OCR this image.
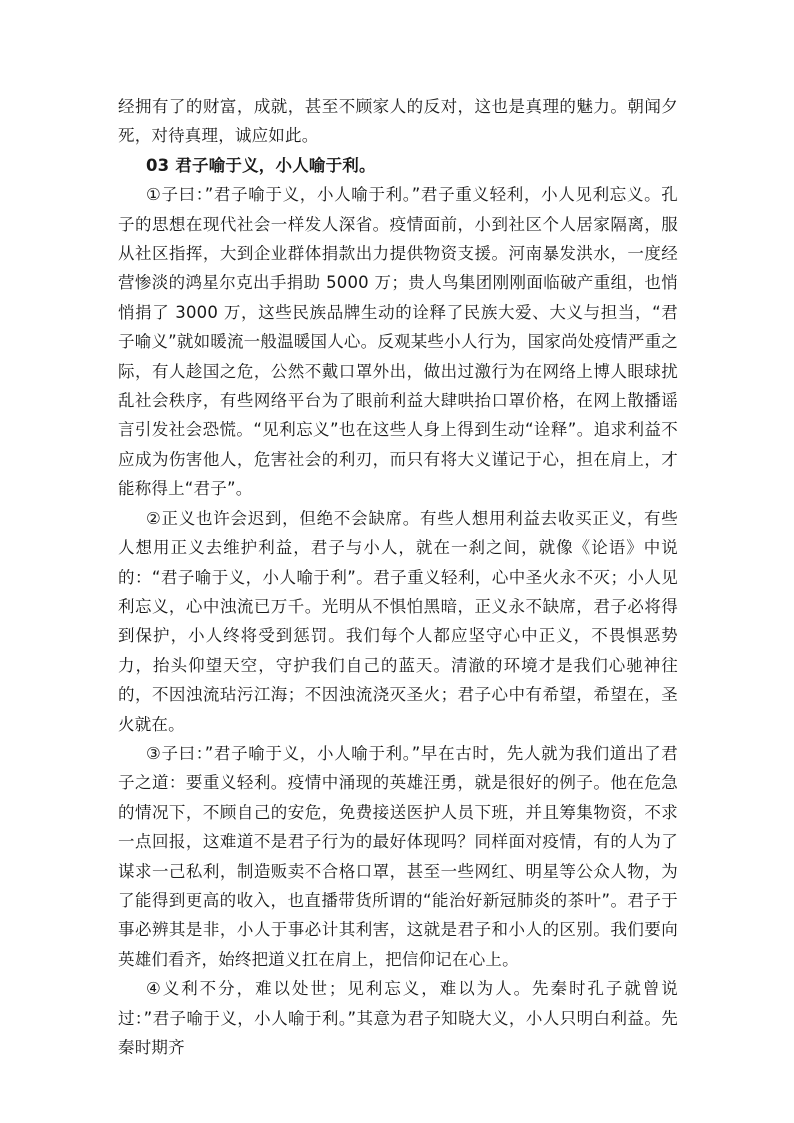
经拥有了的财富，成就，甚至不顾家人的反对，这也是真理的魅力。朝闻夕死，对待真理，诚应如此。

03 君子喻于义，小人喻于利。

①子曰：”君子喻于义，小人喻于利。”君子重义轻利，小人见利忘义。孔子的思想在现代社会一样发人深省。疫情面前，小到社区个人居家隔离，服从社区指挥，大到企业群体捐款出力提供物资支援。河南暴发洪水，一度经营惨淡的鸿星尔克出手捐助 5000 万；贵人鸟集团刚刚面临破产重组，也悄悄捐了 3000 万，这些民族品牌生动的诠释了民族大爱、大义与担当，“君子喻义”就如暖流一般温暖国人心。反观某些小人行为，国家尚处疫情严重之际，有人趁国之危，公然不戴口罩外出，做出过激行为在网络上博人眼球扰乱社会秩序，有些网络平台为了眼前利益大肆哄抬口罩价格，在网上散播谣言引发社会恐慌。“见利忘义”也在这些人身上得到生动“诠释”。追求利益不应成为伤害他人，危害社会的利刃，而只有将大义谨记于心，担在肩上，才能称得上“君子”。

②正义也许会迟到，但绝不会缺席。有些人想用利益去收买正义，有些人想用正义去维护利益，君子与小人，就在一刹之间，就像《论语》中说的：“君子喻于义，小人喻于利”。君子重义轻利，心中圣火永不灭；小人见利忘义，心中浊流已万千。光明从不惧怕黑暗，正义永不缺席，君子必将得到保护，小人终将受到惩罚。我们每个人都应坚守心中正义，不畏惧恶势力，抬头仰望天空，守护我们自己的蓝天。清澈的环境才是我们心驰神往的，不因浊流玷污江海；不因浊流浇灭圣火；君子心中有希望，希望在，圣火就在。

③子曰：”君子喻于义，小人喻于利。”早在古时，先人就为我们道出了君子之道：要重义轻利。疫情中涌现的英雄汪勇，就是很好的例子。他在危急的情况下，不顾自己的安危，免费接送医护人员下班，并且筹集物资，不求一点回报，这难道不是君子行为的最好体现吗？同样面对疫情，有的人为了谋求一己私利，制造贩卖不合格口罩，甚至一些网红、明星等公众人物，为了能得到更高的收入，也直播带货所谓的“能治好新冠肺炎的茶叶”。君子于事必辨其是非，小人于事必计其利害，这就是君子和小人的区别。我们要向英雄们看齐，始终把道义扛在肩上，把信仰记在心上。

④义利不分，难以处世；见利忘义，难以为人。先秦时孔子就曾说过：”君子喻于义，小人喻于利。”其意为君子知晓大义，小人只明白利益。先秦时期齐
